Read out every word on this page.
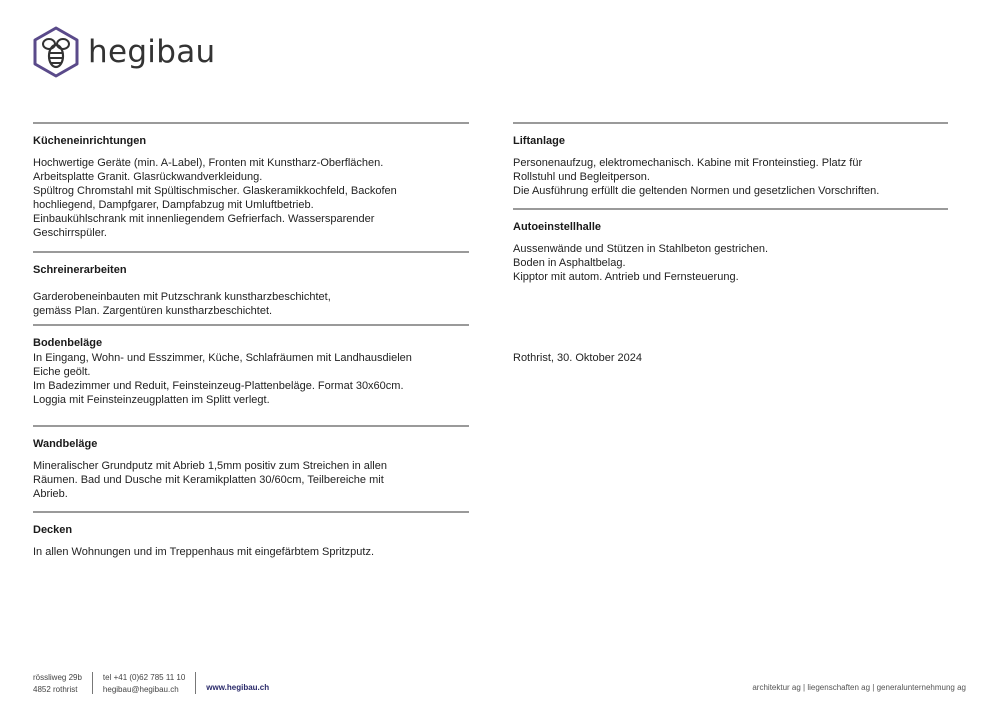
hegibau
Kücheneinrichtungen

Hochwertige Geräte (min. A-Label), Fronten mit Kunstharz-Oberflächen.

Arbeitsplatte Granit. Glasrückwandverkleidung.

Spültrog Chromstahl mit Spültischmischer. Glaskeramikkochfeld, Backofen

hochliegend, Dampfgarer, Dampfabzug mit Umluftbetrieb.

Einbaukühlschrank mit innenliegendem Gefrierfach. Wassersparender

Geschirrspüler.

Schreinerarbeiten

Garderobeneinbauten mit Putzschrank kunstharzbeschichtet,

gemäss Plan. Zargentüren kunstharzbeschichtet.

Bodenbeläge

In Eingang, Wohn- und Esszimmer, Küche, Schlafräumen mit Landhausdielen

Eiche geölt.

Im Badezimmer und Reduit, Feinsteinzeug-Plattenbeläge. Format 30x60cm.

Loggia mit Feinsteinzeugplatten im Splitt verlegt.

Wandbeläge

Mineralischer Grundputz mit Abrieb 1,5mm positiv zum Streichen in allen

Räumen. Bad und Dusche mit Keramikplatten 30/60cm, Teilbereiche mit

Abrieb.

Decken

In allen Wohnungen und im Treppenhaus mit eingefärbtem Spritzputz.

Liftanlage

Personenaufzug, elektromechanisch. Kabine mit Fronteinstieg. Platz für

Rollstuhl und Begleitperson.

Die Ausführung erfüllt die geltenden Normen und gesetzlichen Vorschriften.

Autoeinstellhalle

Aussenwände und Stützen in Stahlbeton gestrichen.

Boden in Asphaltbelag.

Kipptor mit autom. Antrieb und Fernsteuerung.

Rothrist, 30. Oktober 2024
rössliweg 29b
4852 rothrist
tel +41 (0)62 785 11 10
hegibau@hegibau.ch	www.hegibau.ch	architektur ag | liegenschaften ag | generalunternehmung ag
